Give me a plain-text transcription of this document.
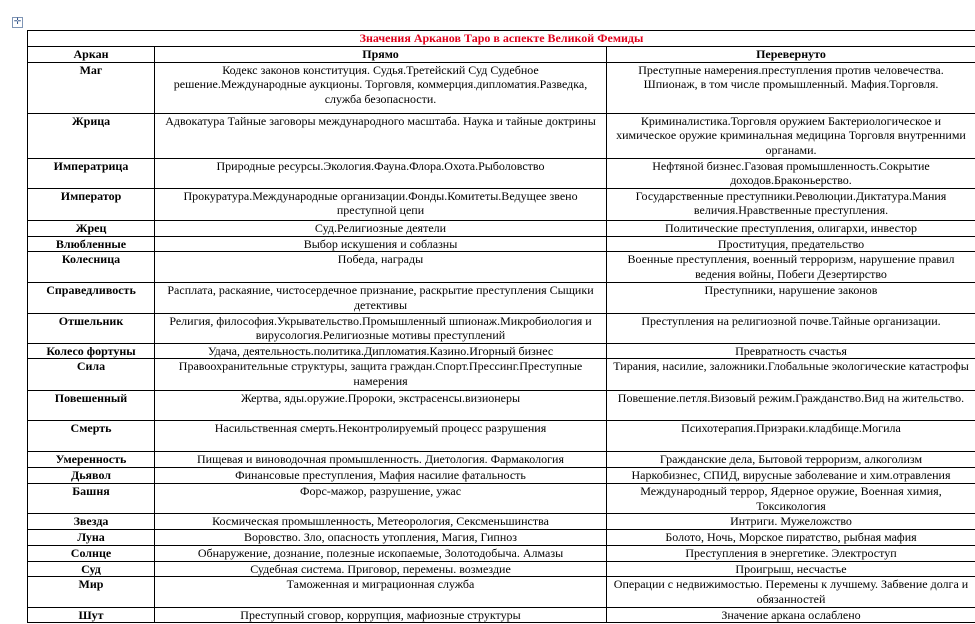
✛
Значения Арканов Таро в аспекте Великой Фемиды		
Аркан	Прямо	Перевернуто
Маг	Кодекс законов конституция. Судья.Третейский Суд Судебное решение.Международные аукционы. Торговля, коммерция.дипломатия.Разведка, служба безопасности.	Преступные намерения.преступления против человечества. Шпионаж, в том числе промышленный. Мафия.Торговля.
Жрица	Адвокатура Тайные заговоры международного масштаба. Наука и тайные доктрины	Криминалистика.Торговля оружием Бактериологическое и химическое оружие криминальная медицина Торговля внутренними органами.
Императрица	Природные ресурсы.Экология.Фауна.Флора.Охота.Рыболовство	Нефтяной бизнес.Газовая промышленность.Сокрытие доходов.Браконьерство.
Император	Прокуратура.Международные организации.Фонды.Комитеты.Ведущее звено преступной цепи	Государственные преступники.Революции.Диктатура.Мания величия.Нравственные преступления.
Жрец	Суд.Религиозные деятели	Политические преступления, олигархи, инвестор
Влюбленные	Выбор искушения и соблазны	Проституция, предательство
Колесница	Победа, награды	Военные преступления, военный терроризм, нарушение правил ведения войны, Побеги Дезертирство
Справедливость	Расплата, раскаяние, чистосердечное признание, раскрытие преступления Сыщики детективы	Преступники, нарушение законов
Отшельник	Религия, философия.Укрывательство.Промышленный шпионаж.Микробиология и вирусология.Религиозные мотивы преступлений	Преступления на религиозной почве.Тайные организации.
Колесо фортуны	Удача, деятельность.политика.Дипломатия.Казино.Игорный бизнес	Превратность счастья
Сила	Правоохранительные структуры, защита граждан.Спорт.Прессинг.Преступные намерения	Тирания, насилие, заложники.Глобальные экологические катастрофы
Повешенный	Жертва, яды.оружие.Пророки, экстрасенсы.визионеры	Повешение.петля.Визовый режим.Гражданство.Вид на жительство.
Смерть	Насильственная смерть.Неконтролируемый процесс разрушения	Психотерапия.Призраки.кладбище.Могила
Умеренность	Пищевая и виноводочная промышленность. Диетология. Фармакология	Гражданские дела, Бытовой терроризм, алкоголизм
Дьявол	Финансовые преступления, Мафия насилие фатальность	Наркобизнес, СПИД, вирусные заболевание и хим.отравления
Башня	Форс-мажор, разрушение, ужас	Международный террор, Ядерное оружие, Военная химия, Токсикология
Звезда	Космическая промышленность, Метеорология, Сексменьшинства	Интриги. Мужеложство
Луна	Воровство. Зло, опасность утопления, Магия, Гипноз	Болото, Ночь, Морское пиратство, рыбная мафия
Солнце	Обнаружение, дознание, полезные ископаемые, Золотодобыча. Алмазы	Преступления в энергетике. Электроступ
Суд	Судебная система. Приговор, перемены. возмездие	Проигрыш, несчастье
Мир	Таможенная и миграционная служба	Операции с недвижимостью. Перемены к лучшему. Забвение долга и обязанностей
Шут	Преступный сговор, коррупция, мафиозные структуры	Значение аркана ослаблено
